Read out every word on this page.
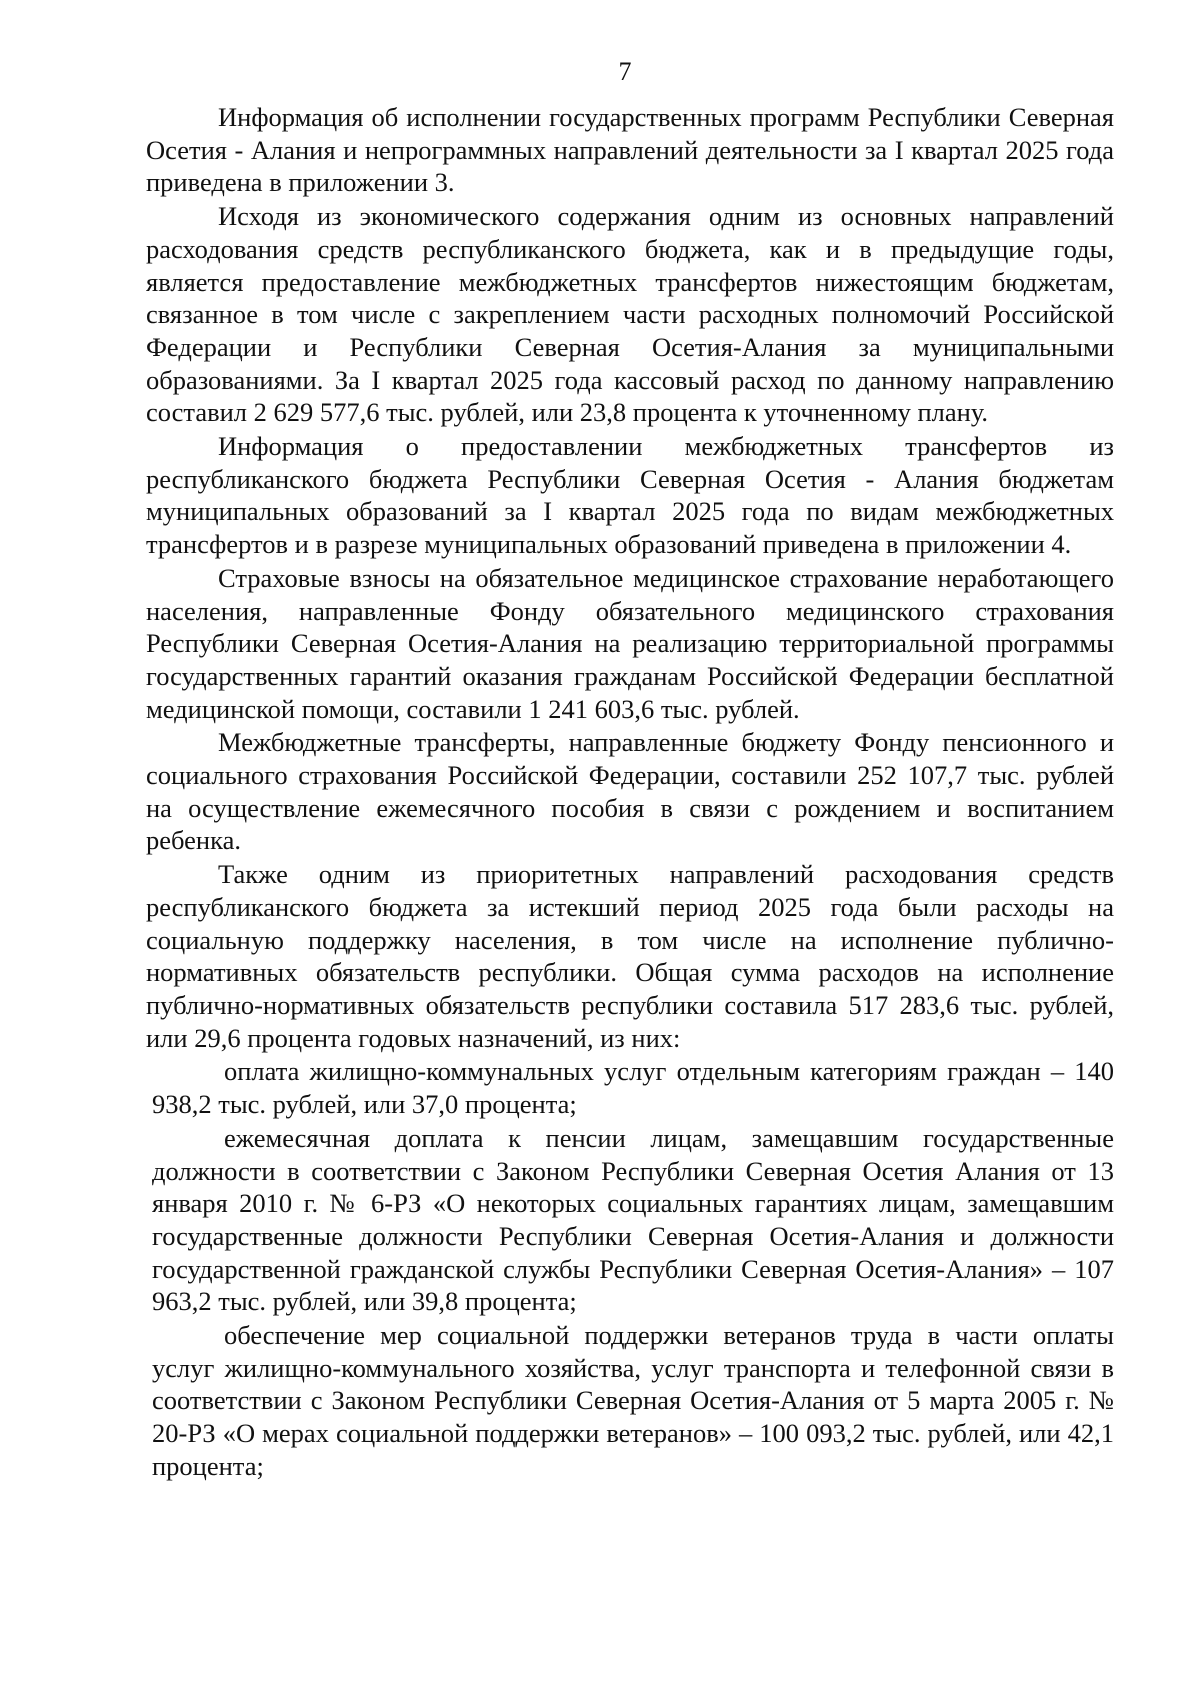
7

Информация об исполнении государственных программ Республики Северная Осетия - Алания и непрограммных направлений деятельности за I квартал 2025 года приведена в приложении 3.

Исходя из экономического содержания одним из основных направлений расходования средств республиканского бюджета, как и в предыдущие годы, является предоставление межбюджетных трансфертов нижестоящим бюджетам, связанное в том числе с закреплением части расходных полномочий Российской Федерации и Республики Северная Осетия-Алания за муниципальными образованиями. За I квартал 2025 года кассовый расход по данному направлению составил 2 629 577,6 тыс. рублей, или 23,8 процента к уточненному плану.

Информация о предоставлении межбюджетных трансфертов из республиканского бюджета Республики Северная Осетия - Алания бюджетам муниципальных образований за I квартал 2025 года по видам межбюджетных трансфертов и в разрезе муниципальных образований приведена в приложении 4.

Страховые взносы на обязательное медицинское страхование неработающего населения, направленные Фонду обязательного медицинского страхования Республики Северная Осетия-Алания на реализацию территориальной программы государственных гарантий оказания гражданам Российской Федерации бесплатной медицинской помощи, составили 1 241 603,6 тыс. рублей.

Межбюджетные трансферты, направленные бюджету Фонду пенсионного и социального страхования Российской Федерации, составили 252 107,7 тыс. рублей на осуществление ежемесячного пособия в связи с рождением и воспитанием ребенка.

Также одним из приоритетных направлений расходования средств республиканского бюджета за истекший период 2025 года были расходы на социальную поддержку населения, в том числе на исполнение публично-нормативных обязательств республики. Общая сумма расходов на исполнение публично-нормативных обязательств республики составила 517 283,6 тыс. рублей, или 29,6 процента годовых назначений, из них:

оплата жилищно-коммунальных услуг отдельным категориям граждан – 140 938,2 тыс. рублей, или 37,0 процента;

ежемесячная доплата к пенсии лицам, замещавшим государственные должности в соответствии с Законом Республики Северная Осетия Алания от 13 января 2010 г. № 6-РЗ «О некоторых социальных гарантиях лицам, замещавшим государственные должности Республики Северная Осетия-Алания и должности государственной гражданской службы Республики Северная Осетия-Алания» – 107 963,2 тыс. рублей, или 39,8 процента;

обеспечение мер социальной поддержки ветеранов труда в части оплаты услуг жилищно-коммунального хозяйства, услуг транспорта и телефонной связи в соответствии с Законом Республики Северная Осетия-Алания от 5 марта 2005 г. № 20-РЗ «О мерах социальной поддержки ветеранов» – 100 093,2 тыс. рублей, или 42,1 процента;
